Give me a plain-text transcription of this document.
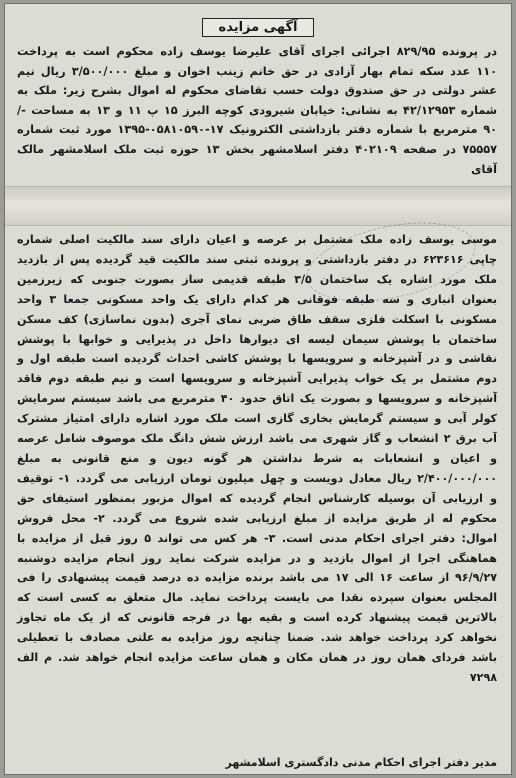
آگهی مزایده
در پرونده ۸۲۹/۹۵ اجرائی اجرای آقای علیرضا یوسف زاده محکوم است به پرداخت ۱۱۰ عدد سکه تمام بهار آزادی در حق خانم زینب اخوان و مبلغ ۳/۵۰۰/۰۰۰ ریال نیم عشر دولتی در حق صندوق دولت حسب تقاضای محکوم له اموال بشرح زیر: ملک به شماره ۴۲/۱۲۹۵۳ به نشانی: خیابان شیرودی کوچه البرز ۱۵ پ ۱۱ و ۱۳ به مساحت -/۹۰ مترمربع با شماره دفتر بازداشتی الکترونیک ۱۷-۰۵۸۱۰۵۹۰-۱۳۹۵ مورد ثبت شماره ۷۵۵۵۷ در صفحه ۴۰۲۱۰۹ دفتر اسلامشهر بخش ۱۳ حوزه ثبت ملک اسلامشهر مالک آقای
موسی یوسف زاده ملک مشتمل بر عرصه و اعیان دارای سند مالکیت اصلی شماره چاپی ۶۲۳۶۱۶ در دفتر بازداشتی و پرونده ثبتی سند مالکیت قید گردیده پس از بازدید ملک مورد اشاره یک ساختمان ۳/۵ طبقه قدیمی ساز بصورت جنوبی که زیرزمین بعنوان انباری و سه طبقه فوقانی هر کدام دارای یک واحد مسکونی جمعا ۳ واحد مسکونی با اسکلت فلزی سقف طاق ضربی نمای آجری (بدون نماسازی) کف مسکن ساختمان با پوشش سیمان لیسه ای دیوارها داخل در پذیرایی و خوابها با پوشش نقاشی و در آشپزخانه و سرویسها با پوشش کاشی احداث گردیده است طبقه اول و دوم مشتمل بر یک خواب پذیرایی آشپزخانه و سرویسها است و نیم طبقه دوم فاقد آشپزخانه و سرویسها و بصورت یک اتاق حدود ۴۰ مترمربع می باشد سیستم سرمایش کولر آبی و سیستم گرمایش بخاری گازی است ملک مورد اشاره دارای امتیاز مشترک آب برق ۲ انشعاب و گاز شهری می باشد ارزش شش دانگ ملک موصوف شامل عرصه و اعیان و انشعابات به شرط نداشتن هر گونه دیون و منع قانونی به مبلغ ۲/۴۰۰/۰۰۰/۰۰۰ ریال معادل دویست و چهل میلیون تومان ارزیابی می گردد. ۱- توقیف و ارزیابی آن بوسیله کارشناس انجام گردیده که اموال مزبور بمنظور استیفای حق محکوم له از طریق مزایده از مبلغ ارزیابی شده شروع می گردد. ۲- محل فروش اموال: دفتر اجرای احکام مدنی است. ۳- هر کس می تواند ۵ روز قبل از مزایده با هماهنگی اجرا از اموال بازدید و در مزایده شرکت نماید روز انجام مزایده دوشنبه ۹۶/۹/۲۷ از ساعت ۱۶ الی ۱۷ می باشد برنده مزایده ده درصد قیمت پیشنهادی را فی المجلس بعنوان سپرده نقدا می بایست پرداخت نماید. مال متعلق به کسی است که بالاترین قیمت پیشنهاد کرده است و بقیه بها در فرجه قانونی که از یک ماه تجاوز نخواهد کرد پرداخت خواهد شد. ضمنا چنانچه روز مزایده به علتی مصادف با تعطیلی باشد فردای همان روز در همان مکان و همان ساعت مزایده انجام خواهد شد. م الف ۷۲۹۸
مدیر دفتر اجرای احکام مدنی دادگستری اسلامشهر
